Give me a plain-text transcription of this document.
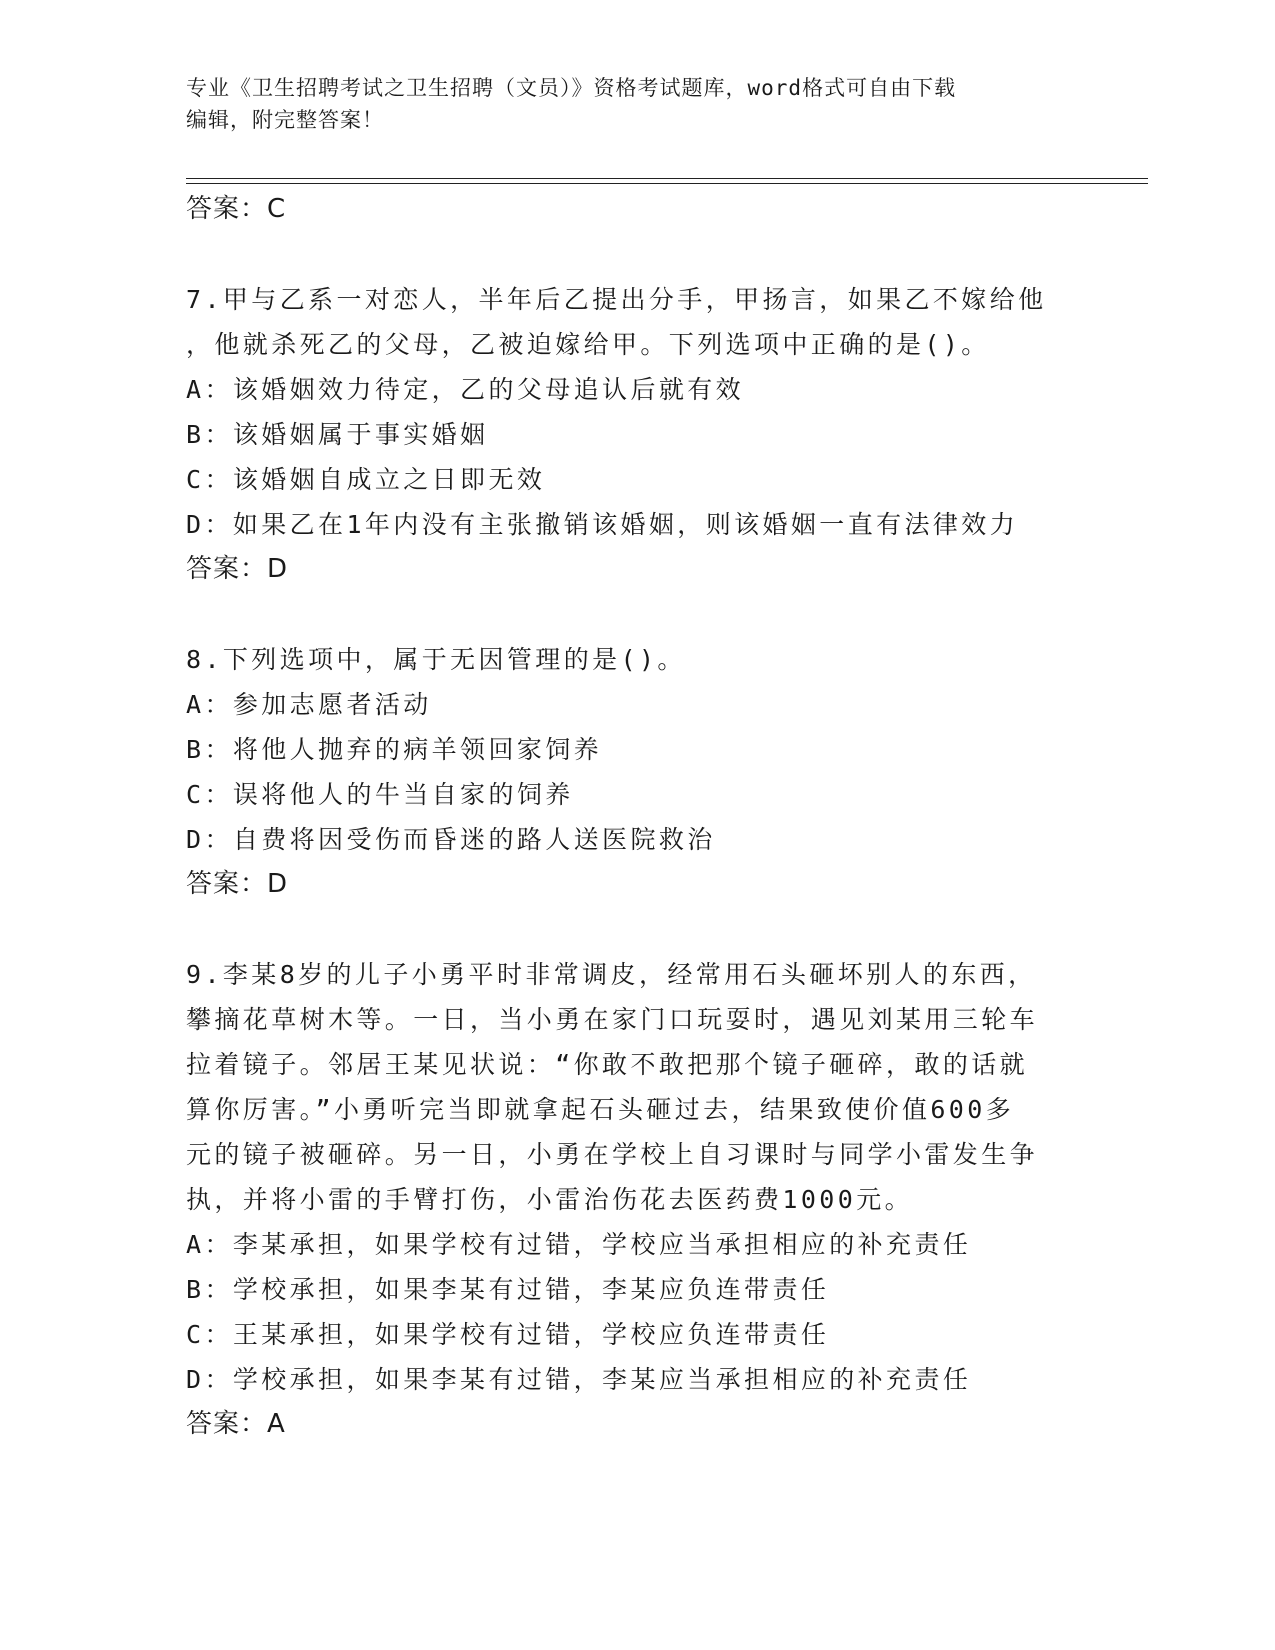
专业《卫生招聘考试之卫生招聘（文员）》资格考试题库，word格式可自由下载
编辑，附完整答案！
答案：C
7.甲与乙系一对恋人，半年后乙提出分手，甲扬言，如果乙不嫁给他
，他就杀死乙的父母，乙被迫嫁给甲。下列选项中正确的是()。
A：该婚姻效力待定，乙的父母追认后就有效
B：该婚姻属于事实婚姻
C：该婚姻自成立之日即无效
D：如果乙在1年内没有主张撤销该婚姻，则该婚姻一直有法律效力
答案：D
8.下列选项中，属于无因管理的是()。
A：参加志愿者活动
B：将他人抛弃的病羊领回家饲养
C：误将他人的牛当自家的饲养
D：自费将因受伤而昏迷的路人送医院救治
答案：D
9.李某8岁的儿子小勇平时非常调皮，经常用石头砸坏别人的东西，
攀摘花草树木等。一日，当小勇在家门口玩耍时，遇见刘某用三轮车
拉着镜子。邻居王某见状说：“你敢不敢把那个镜子砸碎，敢的话就
算你厉害。”小勇听完当即就拿起石头砸过去，结果致使价值600多
元的镜子被砸碎。另一日，小勇在学校上自习课时与同学小雷发生争
执，并将小雷的手臂打伤，小雷治伤花去医药费1000元。
A：李某承担，如果学校有过错，学校应当承担相应的补充责任
B：学校承担，如果李某有过错，李某应负连带责任
C：王某承担，如果学校有过错，学校应负连带责任
D：学校承担，如果李某有过错，李某应当承担相应的补充责任
答案：A
